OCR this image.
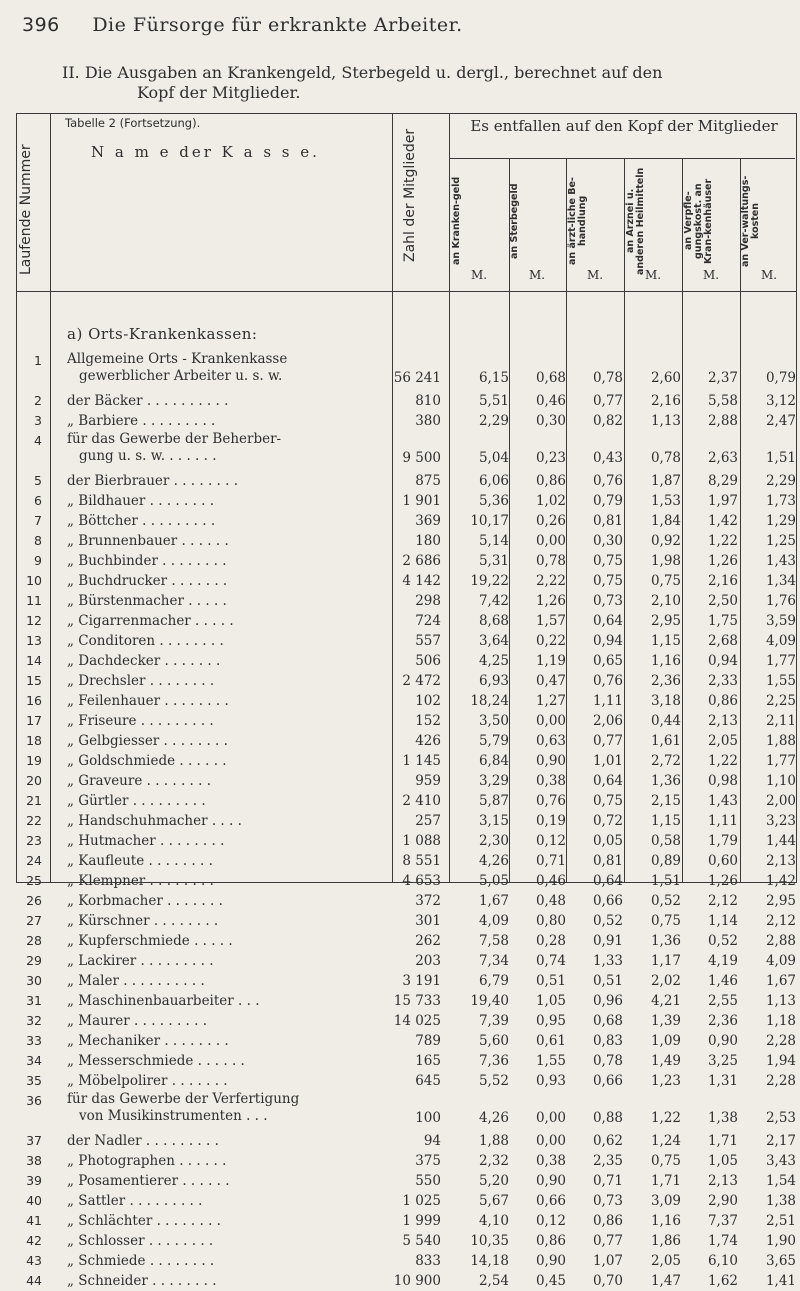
396 Die Fürsorge für erkrankte Arbeiter.
II. Die Ausgaben an Krankengeld, Sterbegeld u. dergl., berechnet auf den
Kopf der Mitglieder.
Laufende Nummer
Tabelle 2 (Fortsetzung).
N a m e der K a s s e.	Zahl der Mitglieder
Es entfallen auf den Kopf der Mitglieder
an Kranken-geld	an Sterbegeld	an ärzt-liche Be-handlung	an Arznei u. anderen Heilmitteln	an Verpfle-gungskost. an Kran-kenhäuser	an Ver-waltungs-kosten
M.	M.	M.	M.	M.	M.
a) Orts-Krankenkassen:
1 Allgemeine Orts - Krankenkasse
gewerblicher Arbeiter u. s. w.	56 241	6,15	0,68	0,78	2,60	2,37	0,79
2 der Bäcker . . . . . . . . . .	810	5,51	0,46	0,77	2,16	5,58	3,12
3 „ Barbiere . . . . . . . . .	380	2,29	0,30	0,82	1,13	2,88	2,47
4 für das Gewerbe der Beherber-
gung u. s. w. . . . . . .	9 500	5,04	0,23	0,43	0,78	2,63	1,51
5 der Bierbrauer . . . . . . . .	875	6,06	0,86	0,76	1,87	8,29	2,29
6 „ Bildhauer . . . . . . . .	1 901	5,36	1,02	0,79	1,53	1,97	1,73
7 „ Böttcher . . . . . . . . .	369	10,17	0,26	0,81	1,84	1,42	1,29
8 „ Brunnenbauer . . . . . .	180	5,14	0,00	0,30	0,92	1,22	1,25
9 „ Buchbinder . . . . . . . .	2 686	5,31	0,78	0,75	1,98	1,26	1,43
10 „ Buchdrucker . . . . . . .	4 142	19,22	2,22	0,75	0,75	2,16	1,34
11 „ Bürstenmacher . . . . .	298	7,42	1,26	0,73	2,10	2,50	1,76
12 „ Cigarrenmacher . . . . .	724	8,68	1,57	0,64	2,95	1,75	3,59
13 „ Conditoren . . . . . . . .	557	3,64	0,22	0,94	1,15	2,68	4,09
14 „ Dachdecker . . . . . . .	506	4,25	1,19	0,65	1,16	0,94	1,77
15 „ Drechsler . . . . . . . .	2 472	6,93	0,47	0,76	2,36	2,33	1,55
16 „ Feilenhauer . . . . . . . .	102	18,24	1,27	1,11	3,18	0,86	2,25
17 „ Friseure . . . . . . . . .	152	3,50	0,00	2,06	0,44	2,13	2,11
18 „ Gelbgiesser . . . . . . . .	426	5,79	0,63	0,77	1,61	2,05	1,88
19 „ Goldschmiede . . . . . .	1 145	6,84	0,90	1,01	2,72	1,22	1,77
20 „ Graveure . . . . . . . .	959	3,29	0,38	0,64	1,36	0,98	1,10
21 „ Gürtler . . . . . . . . .	2 410	5,87	0,76	0,75	2,15	1,43	2,00
22 „ Handschuhmacher . . . .	257	3,15	0,19	0,72	1,15	1,11	3,23
23 „ Hutmacher . . . . . . . .	1 088	2,30	0,12	0,05	0,58	1,79	1,44
24 „ Kaufleute . . . . . . . .	8 551	4,26	0,71	0,81	0,89	0,60	2,13
25 „ Klempner . . . . . . . .	4 653	5,05	0,46	0,64	1,51	1,26	1,42
26 „ Korbmacher . . . . . . .	372	1,67	0,48	0,66	0,52	2,12	2,95
27 „ Kürschner . . . . . . . .	301	4,09	0,80	0,52	0,75	1,14	2,12
28 „ Kupferschmiede . . . . .	262	7,58	0,28	0,91	1,36	0,52	2,88
29 „ Lackirer . . . . . . . . .	203	7,34	0,74	1,33	1,17	4,19	4,09
30 „ Maler . . . . . . . . . .	3 191	6,79	0,51	0,51	2,02	1,46	1,67
31 „ Maschinenbauarbeiter . . .	15 733	19,40	1,05	0,96	4,21	2,55	1,13
32 „ Maurer . . . . . . . . .	14 025	7,39	0,95	0,68	1,39	2,36	1,18
33 „ Mechaniker . . . . . . . .	789	5,60	0,61	0,83	1,09	0,90	2,28
34 „ Messerschmiede . . . . . .	165	7,36	1,55	0,78	1,49	3,25	1,94
35 „ Möbelpolirer . . . . . . .	645	5,52	0,93	0,66	1,23	1,31	2,28
36 für das Gewerbe der Verfertigung
von Musikinstrumenten . . .	100	4,26	0,00	0,88	1,22	1,38	2,53
37 der Nadler . . . . . . . . .	94	1,88	0,00	0,62	1,24	1,71	2,17
38 „ Photographen . . . . . .	375	2,32	0,38	2,35	0,75	1,05	3,43
39 „ Posamentierer . . . . . .	550	5,20	0,90	0,71	1,71	2,13	1,54
40 „ Sattler . . . . . . . . .	1 025	5,67	0,66	0,73	3,09	2,90	1,38
41 „ Schlächter . . . . . . . .	1 999	4,10	0,12	0,86	1,16	7,37	2,51
42 „ Schlosser . . . . . . . .	5 540	10,35	0,86	0,77	1,86	1,74	1,90
43 „ Schmiede . . . . . . . .	833	14,18	0,90	1,07	2,05	6,10	3,65
44 „ Schneider . . . . . . . .	10 900	2,54	0,45	0,70	1,47	1,62	1,41
